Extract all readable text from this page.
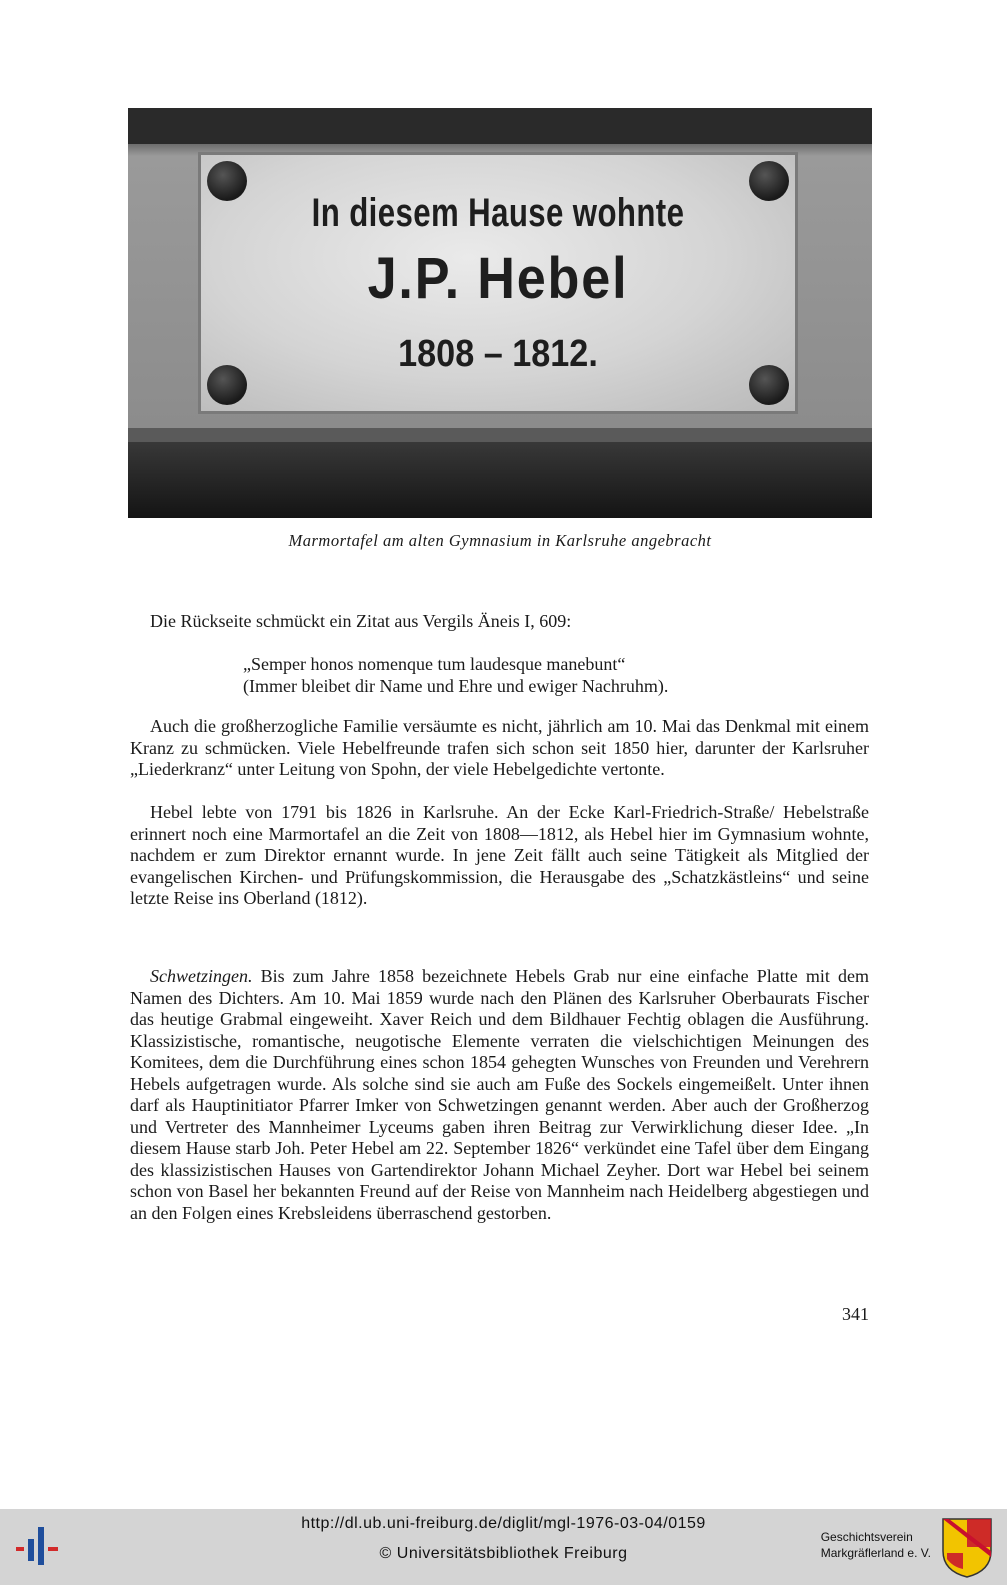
In diesem Hause wohnte
J.P. Hebel
1808 – 1812.
Marmortafel am alten Gymnasium in Karlsruhe angebracht

Die Rückseite schmückt ein Zitat aus Vergils Äneis I, 609:

„Semper honos nomenque tum laudesque manebunt“

(Immer bleibet dir Name und Ehre und ewiger Nachruhm).

Auch die großherzogliche Familie versäumte es nicht, jährlich am 10. Mai das Denkmal mit einem Kranz zu schmücken. Viele Hebelfreunde trafen sich schon seit 1850 hier, darunter der Karlsruher „Liederkranz“ unter Leitung von Spohn, der viele Hebelgedichte vertonte.

Hebel lebte von 1791 bis 1826 in Karlsruhe. An der Ecke Karl-Friedrich-Straße/ Hebelstraße erinnert noch eine Marmortafel an die Zeit von 1808—1812, als Hebel hier im Gymnasium wohnte, nachdem er zum Direktor ernannt wurde. In jene Zeit fällt auch seine Tätigkeit als Mitglied der evangelischen Kirchen- und Prüfungskommission, die Herausgabe des „Schatzkästleins“ und seine letzte Reise ins Oberland (1812).

Schwetzingen. Bis zum Jahre 1858 bezeichnete Hebels Grab nur eine einfache Platte mit dem Namen des Dichters. Am 10. Mai 1859 wurde nach den Plänen des Karlsruher Oberbaurats Fischer das heutige Grabmal eingeweiht. Xaver Reich und dem Bildhauer Fechtig oblagen die Ausführung. Klassizistische, romantische, neugotische Elemente verraten die vielschichtigen Meinungen des Komitees, dem die Durchführung eines schon 1854 gehegten Wunsches von Freunden und Verehrern Hebels aufgetragen wurde. Als solche sind sie auch am Fuße des Sockels eingemeißelt. Unter ihnen darf als Hauptinitiator Pfarrer Imker von Schwetzingen genannt werden. Aber auch der Großherzog und Vertreter des Mannheimer Lyceums gaben ihren Beitrag zur Verwirklichung dieser Idee. „In diesem Hause starb Joh. Peter Hebel am 22. September 1826“ verkündet eine Tafel über dem Eingang des klassizistischen Hauses von Gartendirektor Johann Michael Zeyher. Dort war Hebel bei seinem schon von Basel her bekannten Freund auf der Reise von Mannheim nach Heidelberg abgestiegen und an den Folgen eines Krebsleidens überraschend gestorben.

341
http://dl.ub.uni-freiburg.de/diglit/mgl-1976-03-04/0159
© Universitätsbibliothek Freiburg
Geschichtsverein
Markgräflerland e. V.
